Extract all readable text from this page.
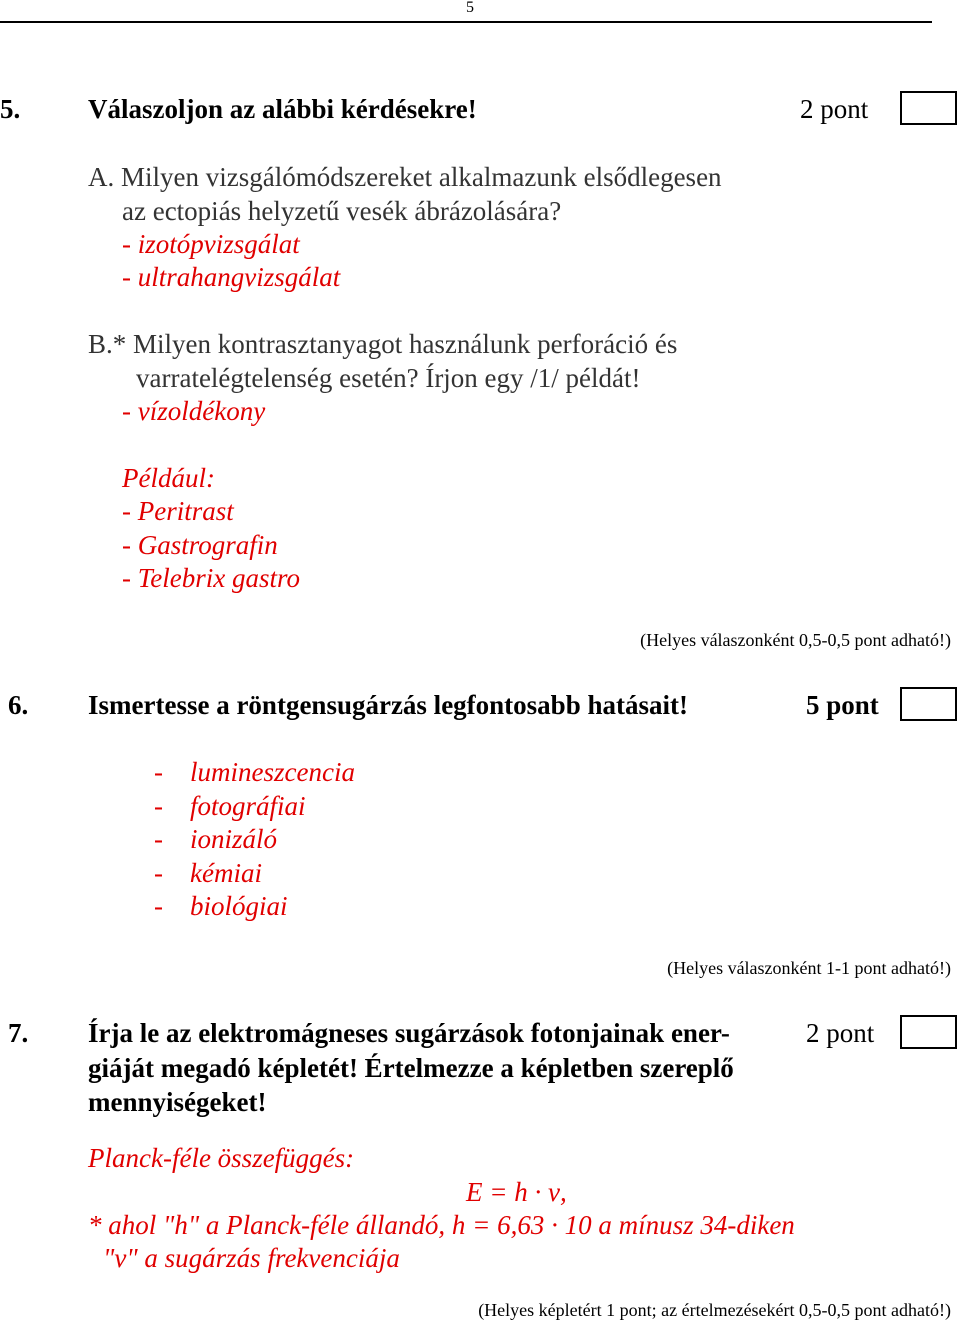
5
5.	Válaszoljon az alábbi kérdésekre!	2 pont
A. Milyen vizsgálómódszereket alkalmazunk elsődlegesen
az ectopiás helyzetű vesék ábrázolására?
- izotópvizsgálat
- ultrahangvizsgálat
B.* Milyen kontrasztanyagot használunk perforáció és
varratelégtelenség esetén? Írjon egy /1/ példát!
- vízoldékony
Például:
- Peritrast
- Gastrografin
- Telebrix gastro
(Helyes válaszonként 0,5-0,5 pont adható!)
6. Ismertesse a röntgensugárzás legfontosabb hatásait!	5 pont
- lumineszcencia
- fotográfiai
- ionizáló
- kémiai
- biológiai
(Helyes válaszonként 1-1 pont adható!)
7. Írja le az elektromágneses sugárzások fotonjainak ener-	2 pont
giáját megadó képletét! Értelmezze a képletben szereplő
mennyiségeket!
Planck-féle összefüggés:
E = h · ν,
* ahol "h" a Planck-féle állandó, h = 6,63 · 10 a mínusz 34-diken
"ν" a sugárzás frekvenciája
(Helyes képletért 1 pont; az értelmezésekért 0,5-0,5 pont adható!)
